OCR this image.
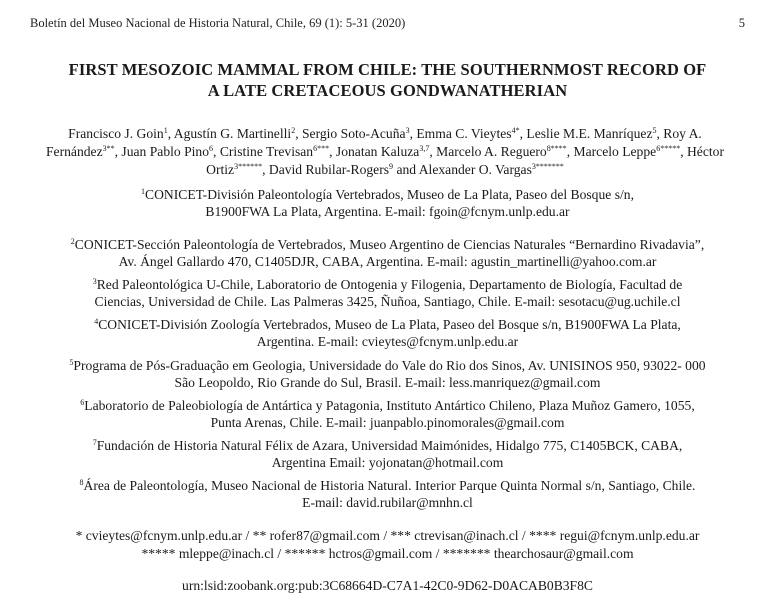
Boletín del Museo Nacional de Historia Natural, Chile, 69 (1): 5-31 (2020)	5
FIRST MESOZOIC MAMMAL FROM CHILE: THE SOUTHERNMOST RECORD OF
A LATE CRETACEOUS GONDWANATHERIAN
Francisco J. Goin$^1$, Agustín G. Martinelli$^2$, Sergio Soto-Acuña$^3$, Emma C. Vieytes$^{4*}$, Leslie M.E. Manríquez$^5$, Roy A. Fernández$^{3**}$, Juan Pablo Pino$^6$, Cristine Trevisan$^{6***}$, Jonatan Kaluza$^{3,7}$, Marcelo A. Reguero$^{8****}$, Marcelo Leppe$^{6*****}$, Héctor Ortiz$^{3******}$, David Rubilar-Rogers$^9$ and Alexander O. Vargas$^{3*******}$
$^1$CONICET-División Paleontología Vertebrados, Museo de La Plata, Paseo del Bosque s/n,
B1900FWA La Plata, Argentina. E-mail: fgoin@fcnym.unlp.edu.ar
$^2$CONICET-Sección Paleontología de Vertebrados, Museo Argentino de Ciencias Naturales “Bernardino Rivadavia”,
Av. Ángel Gallardo 470, C1405DJR, CABA, Argentina. E-mail: agustin_martinelli@yahoo.com.ar
$^3$Red Paleontológica U-Chile, Laboratorio de Ontogenia y Filogenia, Departamento de Biología, Facultad de
Ciencias, Universidad de Chile. Las Palmeras 3425, Ñuñoa, Santiago, Chile. E-mail: sesotacu@ug.uchile.cl
$^4$CONICET-División Zoología Vertebrados, Museo de La Plata, Paseo del Bosque s/n, B1900FWA La Plata,
Argentina. E-mail: cvieytes@fcnym.unlp.edu.ar
$^5$Programa de Pós-Graduação em Geologia, Universidade do Vale do Rio dos Sinos, Av. UNISINOS 950, 93022- 000
São Leopoldo, Rio Grande do Sul, Brasil. E-mail: less.manriquez@gmail.com
$^6$Laboratorio de Paleobiología de Antártica y Patagonia, Instituto Antártico Chileno, Plaza Muñoz Gamero, 1055,
Punta Arenas, Chile. E-mail: juanpablo.pinomorales@gmail.com
$^7$Fundación de Historia Natural Félix de Azara, Universidad Maimónides, Hidalgo 775, C1405BCK, CABA,
Argentina Email: yojonatan@hotmail.com
$^8$Área de Paleontología, Museo Nacional de Historia Natural. Interior Parque Quinta Normal s/n, Santiago, Chile.
E-mail: david.rubilar@mnhn.cl
* cvieytes@fcnym.unlp.edu.ar / ** rofer87@gmail.com / *** ctrevisan@inach.cl / **** regui@fcnym.unlp.edu.ar
***** mleppe@inach.cl / ****** hctros@gmail.com / ******* thearchosaur@gmail.com
urn:lsid:zoobank.org:pub:3C68664D-C7A1-42C0-9D62-D0ACAB0B3F8C
